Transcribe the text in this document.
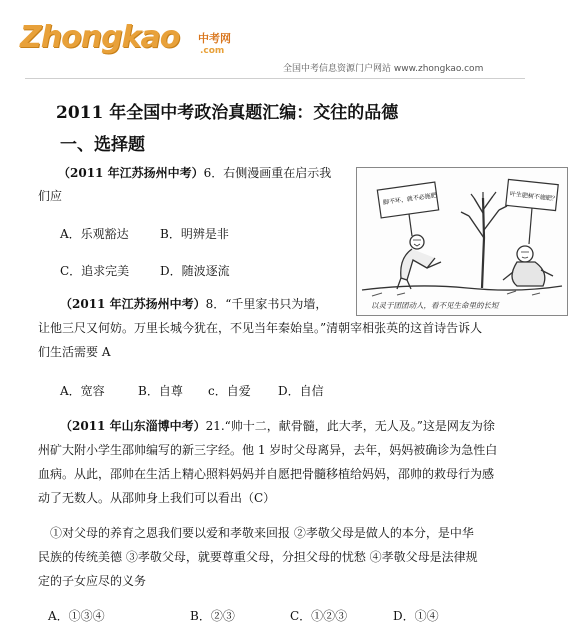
Zhongkao 中考网
.com
全国中考信息资源门户网站 www.zhongkao.com
2011 年全国中考政治真题汇编：交往的品德
一、选择题
（2011 年江苏扬州中考）6．右侧漫画重在启示我
们应
A．乐观豁达	B．明辨是非
C．追求完美	D．随波逐流
脚不坏，就不必施肥	叶生肥树不施肥？
以灵于团团动人，看不见生命里的长短
（2011 年江苏扬州中考）8．“千里家书只为墙，
让他三尺又何妨。万里长城今犹在，不见当年秦始皇。”清朝宰相张英的这首诗告诉人
们生活需要 A
A．宽容	B．自尊 c．自爱 D．自信
（2011 年山东淄博中考）21.“帅十二，献骨髓，此大孝，无人及。”这是网友为徐
州矿大附小学生邵帅编写的新三字经。他 1 岁时父母离异，去年，妈妈被确诊为急性白
血病。从此，邵帅在生活上精心照料妈妈并自愿把骨髓移植给妈妈，邵帅的救母行为感
动了无数人。从邵帅身上我们可以看出（C）
①对父母的养育之恩我们要以爱和孝敬来回报 ②孝敬父母是做人的本分，是中华
民族的传统美德 ③孝敬父母，就要尊重父母，分担父母的忧愁 ④孝敬父母是法律规
定的子女应尽的义务
A．①③④	B．②③	C．①②③	D．①④
